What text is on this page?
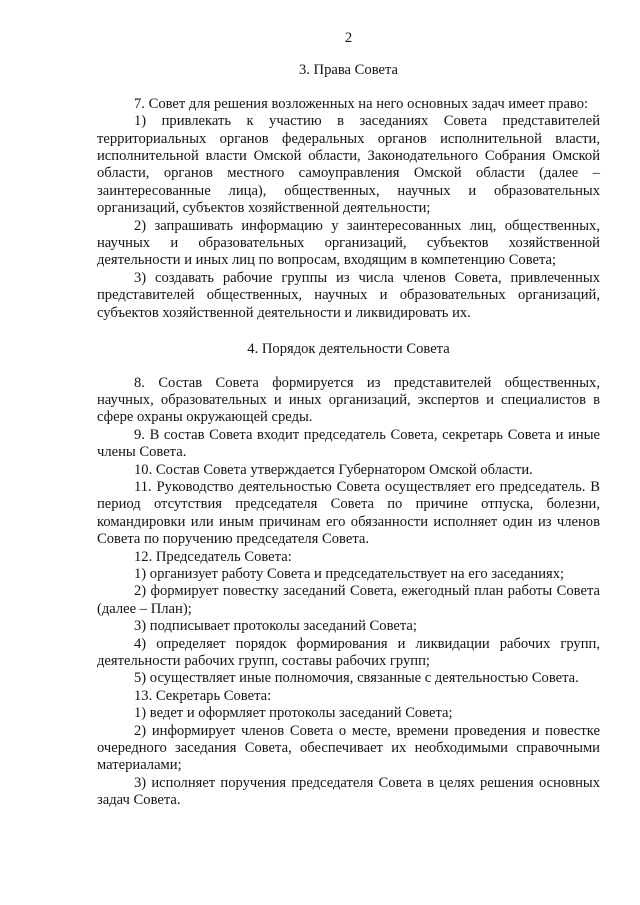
2
3. Права Совета

7. Совет для решения возложенных на него основных задач имеет право:

1) привлекать к участию в заседаниях Совета представителей территориальных органов федеральных органов исполнительной власти, исполнительной власти Омской области, Законодательного Собрания Омской области, органов местного самоуправления Омской области (далее – заинтересованные лица), общественных, научных и образовательных организаций, субъектов хозяйственной деятельности;

2) запрашивать информацию у заинтересованных лиц, общественных, научных и образовательных организаций, субъектов хозяйственной деятельности и иных лиц по вопросам, входящим в компетенцию Совета;

3) создавать рабочие группы из числа членов Совета, привлеченных представителей общественных, научных и образовательных организаций, субъектов хозяйственной деятельности и ликвидировать их.

4. Порядок деятельности Совета

8. Состав Совета формируется из представителей общественных, научных, образовательных и иных организаций, экспертов и специалистов в сфере охраны окружающей среды.

9. В состав Совета входит председатель Совета, секретарь Совета и иные члены Совета.

10. Состав Совета утверждается Губернатором Омской области.

11. Руководство деятельностью Совета осуществляет его председатель. В период отсутствия председателя Совета по причине отпуска, болезни, командировки или иным причинам его обязанности исполняет один из членов Совета по поручению председателя Совета.

12. Председатель Совета:

1) организует работу Совета и председательствует на его заседаниях;

2) формирует повестку заседаний Совета, ежегодный план работы Совета (далее – План);

3) подписывает протоколы заседаний Совета;

4) определяет порядок формирования и ликвидации рабочих групп, деятельности рабочих групп, составы рабочих групп;

5) осуществляет иные полномочия, связанные с деятельностью Совета.

13. Секретарь Совета:

1) ведет и оформляет протоколы заседаний Совета;

2) информирует членов Совета о месте, времени проведения и повестке очередного заседания Совета, обеспечивает их необходимыми справочными материалами;

3) исполняет поручения председателя Совета в целях решения основных задач Совета.
